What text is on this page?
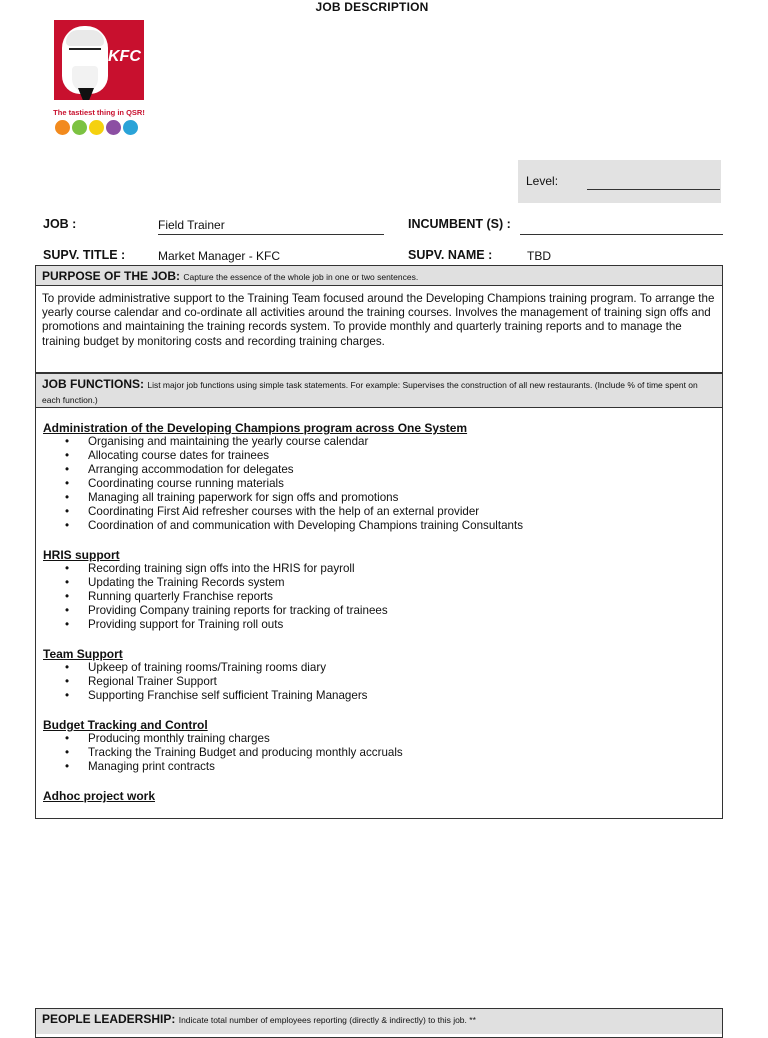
JOB DESCRIPTION
KFC
The tastiest thing in QSR!
Level:
JOB :	Field Trainer	INCUMBENT (S) :
SUPV. TITLE :	Market Manager - KFC	SUPV. NAME :	TBD
PURPOSE OF THE JOB: Capture the essence of the whole job in one or two sentences.
To provide administrative support to the Training Team focused around the Developing Champions training program. To arrange the yearly course calendar and co-ordinate all activities around the training courses. Involves the management of training sign offs and promotions and maintaining the training records system. To provide monthly and quarterly training reports and to manage the training budget by monitoring costs and recording training charges.
JOB FUNCTIONS: List major job functions using simple task statements. For example: Supervises the construction of all new restaurants. (Include % of time spent on each function.)
Administration of the Developing Champions program across One System
• Organising and maintaining the yearly course calendar
• Allocating course dates for trainees
• Arranging accommodation for delegates
• Coordinating course running materials
• Managing all training paperwork for sign offs and promotions
• Coordinating First Aid refresher courses with the help of an external provider
• Coordination of and communication with Developing Champions training Consultants
HRIS support
• Recording training sign offs into the HRIS for payroll
• Updating the Training Records system
• Running quarterly Franchise reports
• Providing Company training reports for tracking of trainees
• Providing support for Training roll outs
Team Support
• Upkeep of training rooms/Training rooms diary
• Regional Trainer Support
• Supporting Franchise self sufficient Training Managers
Budget Tracking and Control
• Producing monthly training charges
• Tracking the Training Budget and producing monthly accruals
• Managing print contracts
Adhoc project work
PEOPLE LEADERSHIP: Indicate total number of employees reporting (directly & indirectly) to this job. **
